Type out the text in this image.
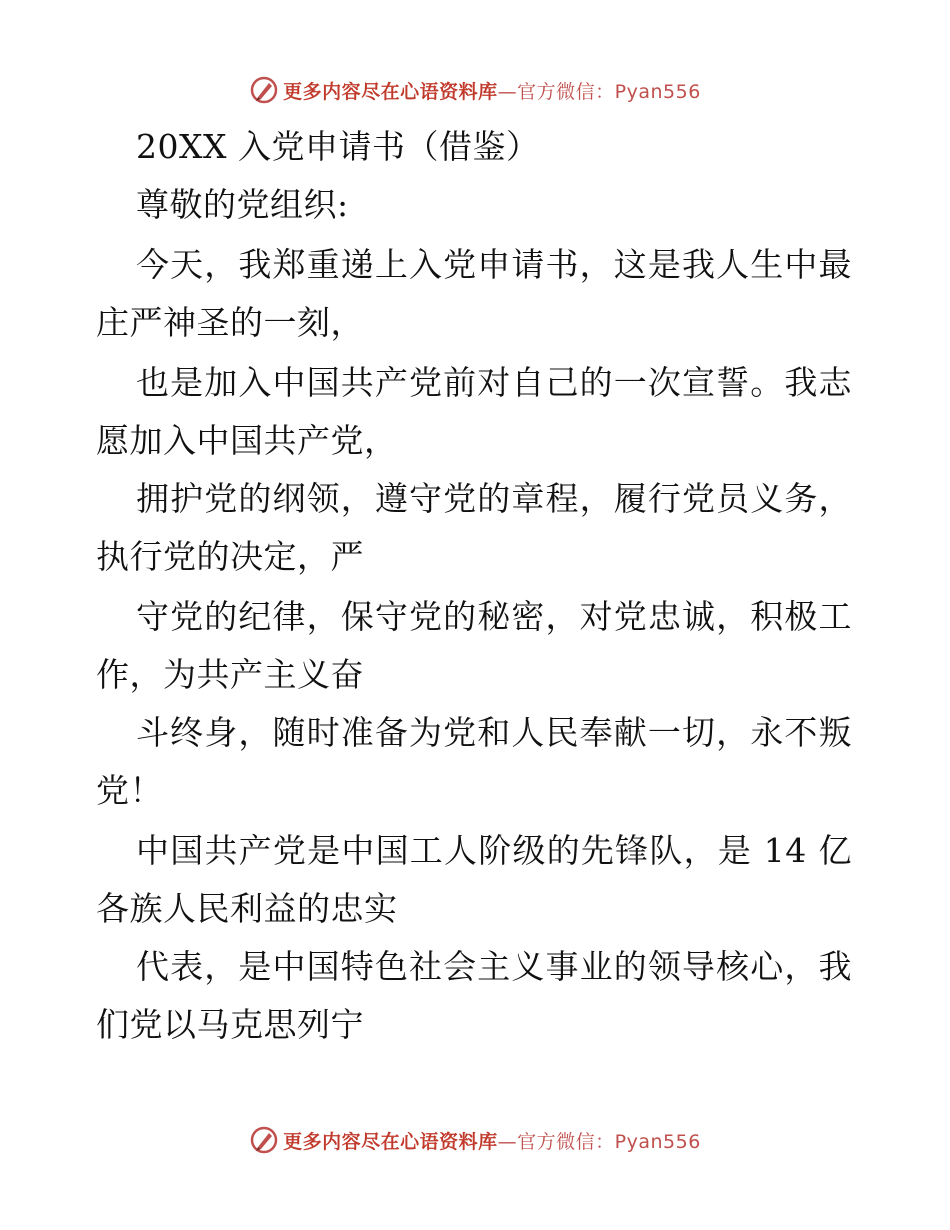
更多内容尽在心语资料库—官方微信：Pyan556
20XX 入党申请书（借鉴）
尊敬的党组织:
今天，我郑重递上入党申请书，这是我人生中最
庄严神圣的一刻，
也是加入中国共产党前对自己的一次宣誓。我志
愿加入中国共产党，
拥护党的纲领，遵守党的章程，履行党员义务，
执行党的决定，严
守党的纪律，保守党的秘密，对党忠诚，积极工
作，为共产主义奋
斗终身，随时准备为党和人民奉献一切，永不叛
党！
中国共产党是中国工人阶级的先锋队，是 14 亿
各族人民利益的忠实
代表，是中国特色社会主义事业的领导核心，我
们党以马克思列宁
更多内容尽在心语资料库—官方微信：Pyan556
